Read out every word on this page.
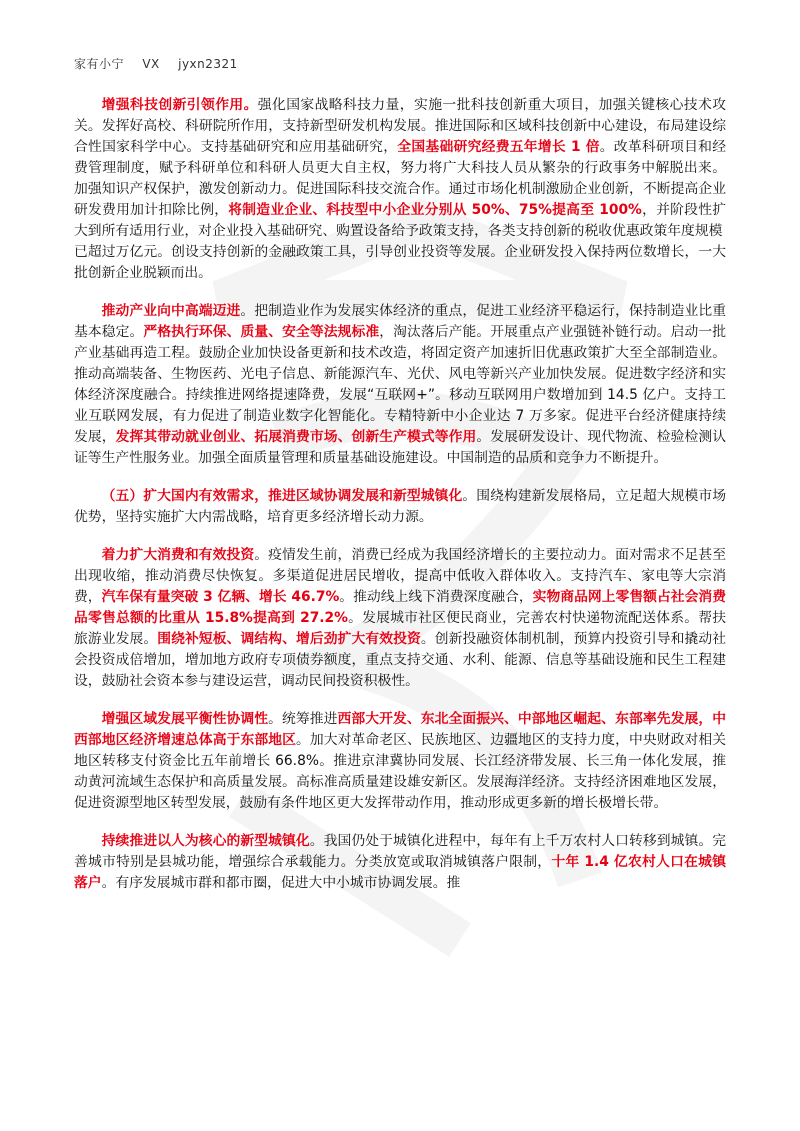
家有小宁 VX jyxn2321

增强科技创新引领作用。强化国家战略科技力量，实施一批科技创新重大项目，加强关键核心技术攻关。发挥好高校、科研院所作用，支持新型研发机构发展。推进国际和区域科技创新中心建设，布局建设综合性国家科学中心。支持基础研究和应用基础研究，全国基础研究经费五年增长 1 倍。改革科研项目和经费管理制度，赋予科研单位和科研人员更大自主权，努力将广大科技人员从繁杂的行政事务中解脱出来。 加强知识产权保护，激发创新动力。促进国际科技交流合作。通过市场化机制激励企业创新，不断提高企业研发费用加计扣除比例，将制造业企业、科技型中小企业分别从 50%、75%提高至 100%，并阶段性扩大到所有适用行业，对企业投入基础研究、购置设备给予政策支持，各类支持创新的税收优惠政策年度规模

已超过万亿元。创设支持创新的金融政策工具，引导创业投资等发展。企业研发投入保持两位数增长，一大批创新企业脱颖而出。

推动产业向中高端迈进。把制造业作为发展实体经济的重点，促进工业经济平稳运行，保持制造业比重基本稳定。严格执行环保、质量、安全等法规标准，淘汰落后产能。开展重点产业强链补链行动。启动一批产业基础再造工程。鼓励企业加快设备更新和技术改造，将固定资产加速折旧优惠政策扩大至全部制造业。推动高端装备、生物医药、光电子信息、新能源汽车、光伏、风电等新兴产业加快发展。促进数字经济和实体经济深度融合。持续推进网络提速降费，发展“互联网+”。移动互联网用户数增加到 14.5 亿户。支持工业互联网发展，有力促进了制造业数字化智能化。专精特新中小企业达 7 万多家。促进平台经济健康持续发展，发挥其带动就业创业、拓展消费市场、创新生产模式等作用。发展研发设计、现代物流、检验检测认证等生产性服务业。加强全面质量管理和质量基础设施建设。中国制造的品质和竞争力不断提升。

（五）扩大国内有效需求，推进区域协调发展和新型城镇化。围绕构建新发展格局，立足超大规模市场优势，坚持实施扩大内需战略，培育更多经济增长动力源。

着力扩大消费和有效投资。疫情发生前，消费已经成为我国经济增长的主要拉动力。面对需求不足甚至出现收缩，推动消费尽快恢复。多渠道促进居民增收，提高中低收入群体收入。支持汽车、家电等大宗消费，汽车保有量突破 3 亿辆、增长 46.7%。推动线上线下消费深度融合，实物商品网上零售额占社会消费品零售总额的比重从 15.8%提高到 27.2%。发展城市社区便民商业，完善农村快递物流配送体系。帮扶旅游业发展。围绕补短板、调结构、增后劲扩大有效投资。创新投融资体制机制，预算内投资引导和撬动社会投资成倍增加，增加地方政府专项债券额度，重点支持交通、水利、能源、信息等基础设施和民生工程建设，鼓励社会资本参与建设运营，调动民间投资积极性。

增强区域发展平衡性协调性。统筹推进西部大开发、东北全面振兴、中部地区崛起、东部率先发展，中西部地区经济增速总体高于东部地区。加大对革命老区、民族地区、边疆地区的支持力度，中央财政对相关地区转移支付资金比五年前增长 66.8%。推进京津冀协同发展、长江经济带发展、长三角一体化发展，推动黄河流域生态保护和高质量发展。高标准高质量建设雄安新区。发展海洋经济。支持经济困难地区发展，促进资源型地区转型发展，鼓励有条件地区更大发挥带动作用，推动形成更多新的增长极增长带。

持续推进以人为核心的新型城镇化。我国仍处于城镇化进程中，每年有上千万农村人口转移到城镇。完善城市特别是县城功能，增强综合承载能力。分类放宽或取消城镇落户限制，十年 1.4 亿农村人口在城镇落户。有序发展城市群和都市圈，促进大中小城市协调发展。推
